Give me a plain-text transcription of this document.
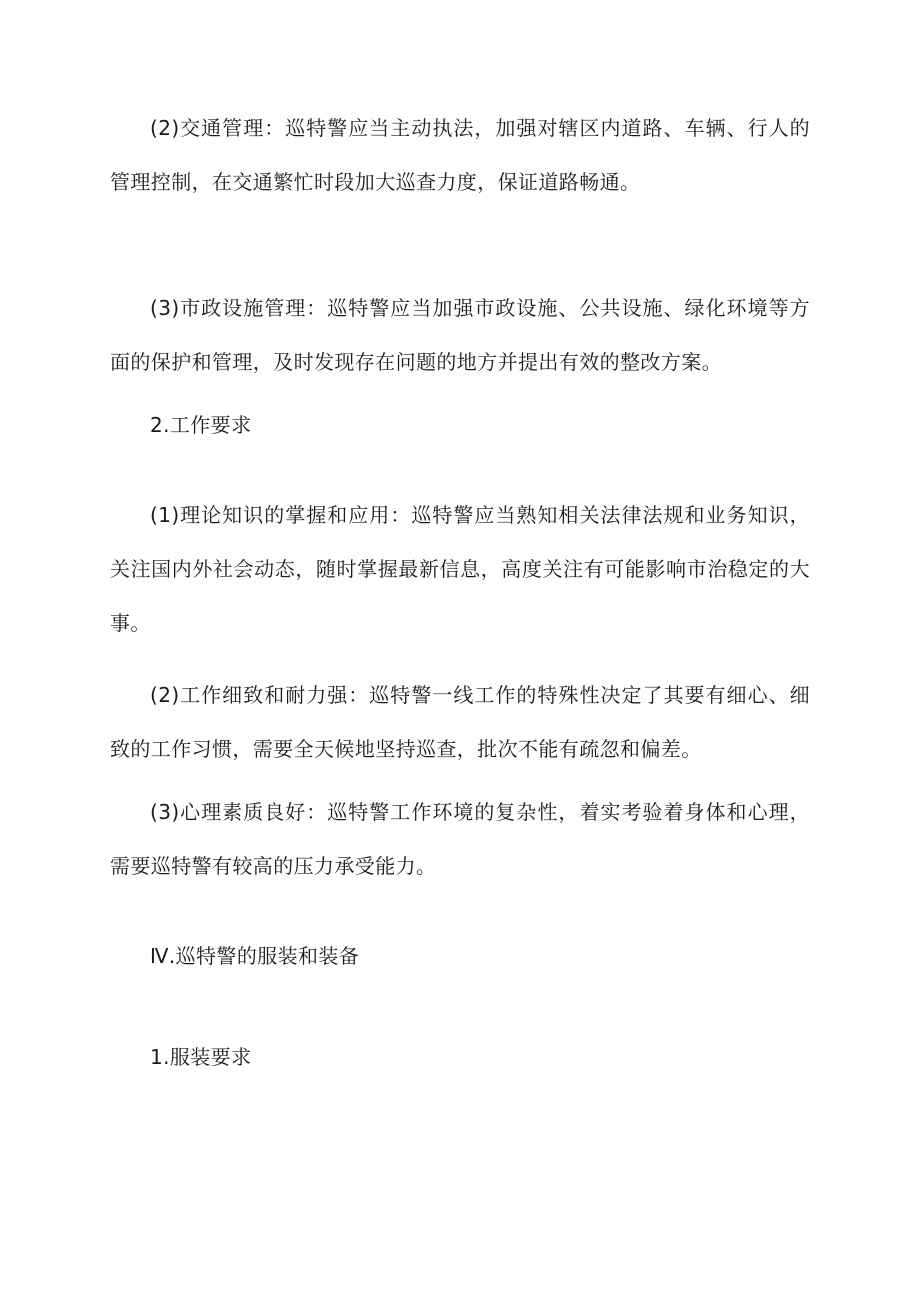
(2)交通管理：巡特警应当主动执法，加强对辖区内道路、车辆、行人的管理控制，在交通繁忙时段加大巡查力度，保证道路畅通。

(3)市政设施管理：巡特警应当加强市政设施、公共设施、绿化环境等方面的保护和管理，及时发现存在问题的地方并提出有效的整改方案。

2.工作要求

(1)理论知识的掌握和应用：巡特警应当熟知相关法律法规和业务知识，关注国内外社会动态，随时掌握最新信息，高度关注有可能影响市治稳定的大事。

(2)工作细致和耐力强：巡特警一线工作的特殊性决定了其要有细心、细致的工作习惯，需要全天候地坚持巡查，批次不能有疏忽和偏差。

(3)心理素质良好：巡特警工作环境的复杂性，着实考验着身体和心理，需要巡特警有较高的压力承受能力。

Ⅳ.巡特警的服装和装备

1.服装要求
